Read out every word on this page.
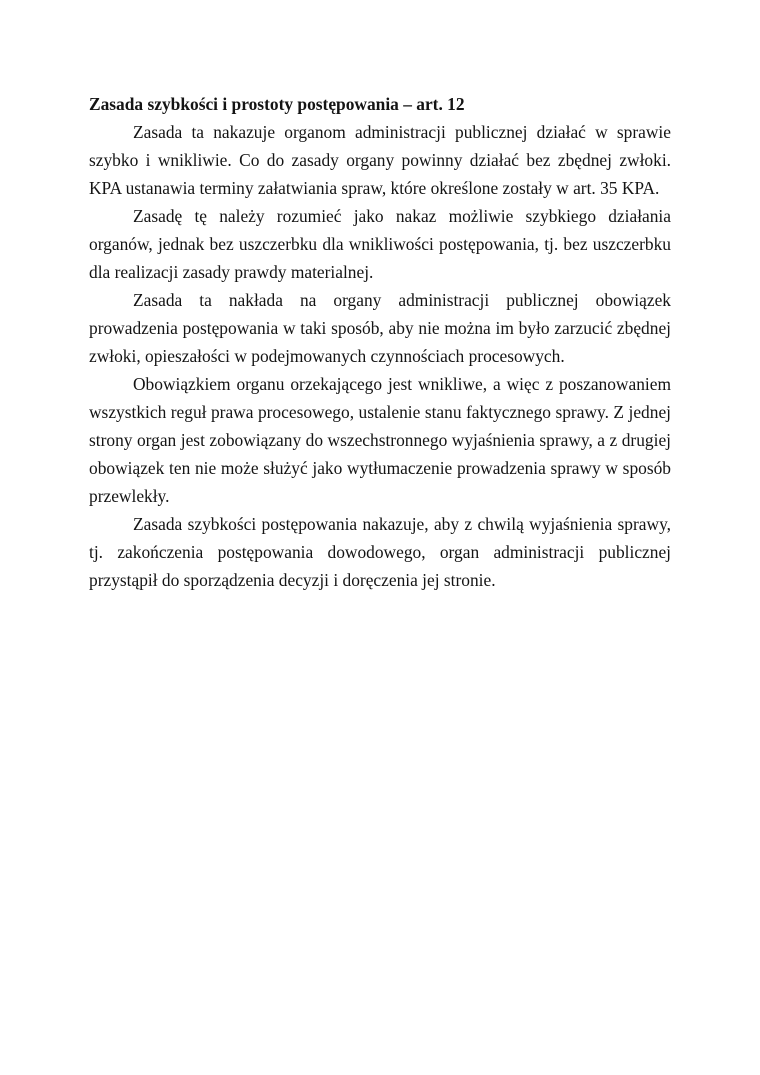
Zasada szybkości i prostoty postępowania – art. 12

Zasada ta nakazuje organom administracji publicznej działać w sprawie szybko i wnikliwie. Co do zasady organy powinny działać bez zbędnej zwłoki. KPA ustanawia terminy załatwiania spraw, które określone zostały w art. 35 KPA.

Zasadę tę należy rozumieć jako nakaz możliwie szybkiego działania organów, jednak bez uszczerbku dla wnikliwości postępowania, tj. bez uszczerbku dla realizacji zasady prawdy materialnej.

Zasada ta nakłada na organy administracji publicznej obowiązek prowadzenia postępowania w taki sposób, aby nie można im było zarzucić zbędnej zwłoki, opieszałości w podejmowanych czynnościach procesowych.

Obowiązkiem organu orzekającego jest wnikliwe, a więc z poszanowaniem wszystkich reguł prawa procesowego, ustalenie stanu faktycznego sprawy. Z jednej strony organ jest zobowiązany do wszechstronnego wyjaśnienia sprawy, a z drugiej obowiązek ten nie może służyć jako wytłumaczenie prowadzenia sprawy w sposób przewlekły.

Zasada szybkości postępowania nakazuje, aby z chwilą wyjaśnienia sprawy, tj. zakończenia postępowania dowodowego, organ administracji publicznej przystąpił do sporządzenia decyzji i doręczenia jej stronie.
